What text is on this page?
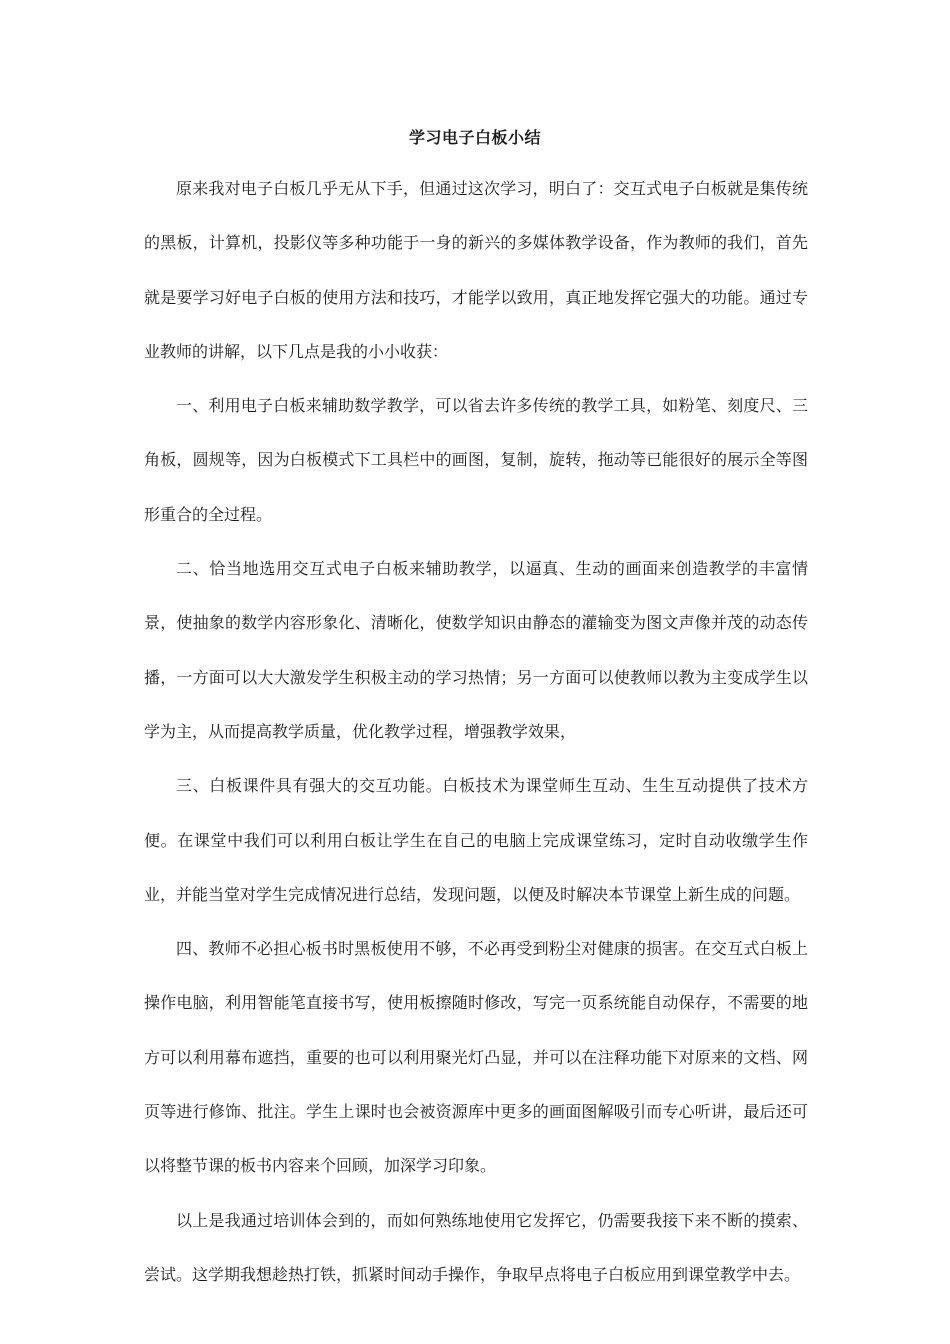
学习电子白板小结

原来我对电子白板几乎无从下手，但通过这次学习，明白了：交互式电子白板就是集传统的黑板，计算机，投影仪等多种功能于一身的新兴的多媒体教学设备，作为教师的我们，首先就是要学习好电子白板的使用方法和技巧，才能学以致用，真正地发挥它强大的功能。通过专业教师的讲解，以下几点是我的小小收获：

一、利用电子白板来辅助数学教学，可以省去许多传统的教学工具，如粉笔、刻度尺、三角板，圆规等，因为白板模式下工具栏中的画图，复制，旋转，拖动等已能很好的展示全等图形重合的全过程。

二、恰当地选用交互式电子白板来辅助教学，以逼真、生动的画面来创造教学的丰富情景，使抽象的数学内容形象化、清晰化，使数学知识由静态的灌输变为图文声像并茂的动态传播，一方面可以大大激发学生积极主动的学习热情；另一方面可以使教师以教为主变成学生以学为主，从而提高教学质量，优化教学过程，增强教学效果，

三、白板课件具有强大的交互功能。白板技术为课堂师生互动、生生互动提供了技术方便。在课堂中我们可以利用白板让学生在自己的电脑上完成课堂练习，定时自动收缴学生作业，并能当堂对学生完成情况进行总结，发现问题，以便及时解决本节课堂上新生成的问题。

四、教师不必担心板书时黑板使用不够，不必再受到粉尘对健康的损害。在交互式白板上操作电脑，利用智能笔直接书写，使用板擦随时修改，写完一页系统能自动保存，不需要的地方可以利用幕布遮挡，重要的也可以利用聚光灯凸显，并可以在注释功能下对原来的文档、网页等进行修饰、批注。学生上课时也会被资源库中更多的画面图解吸引而专心听讲，最后还可以将整节课的板书内容来个回顾，加深学习印象。

以上是我通过培训体会到的，而如何熟练地使用它发挥它，仍需要我接下来不断的摸索、尝试。这学期我想趁热打铁，抓紧时间动手操作，争取早点将电子白板应用到课堂教学中去。
